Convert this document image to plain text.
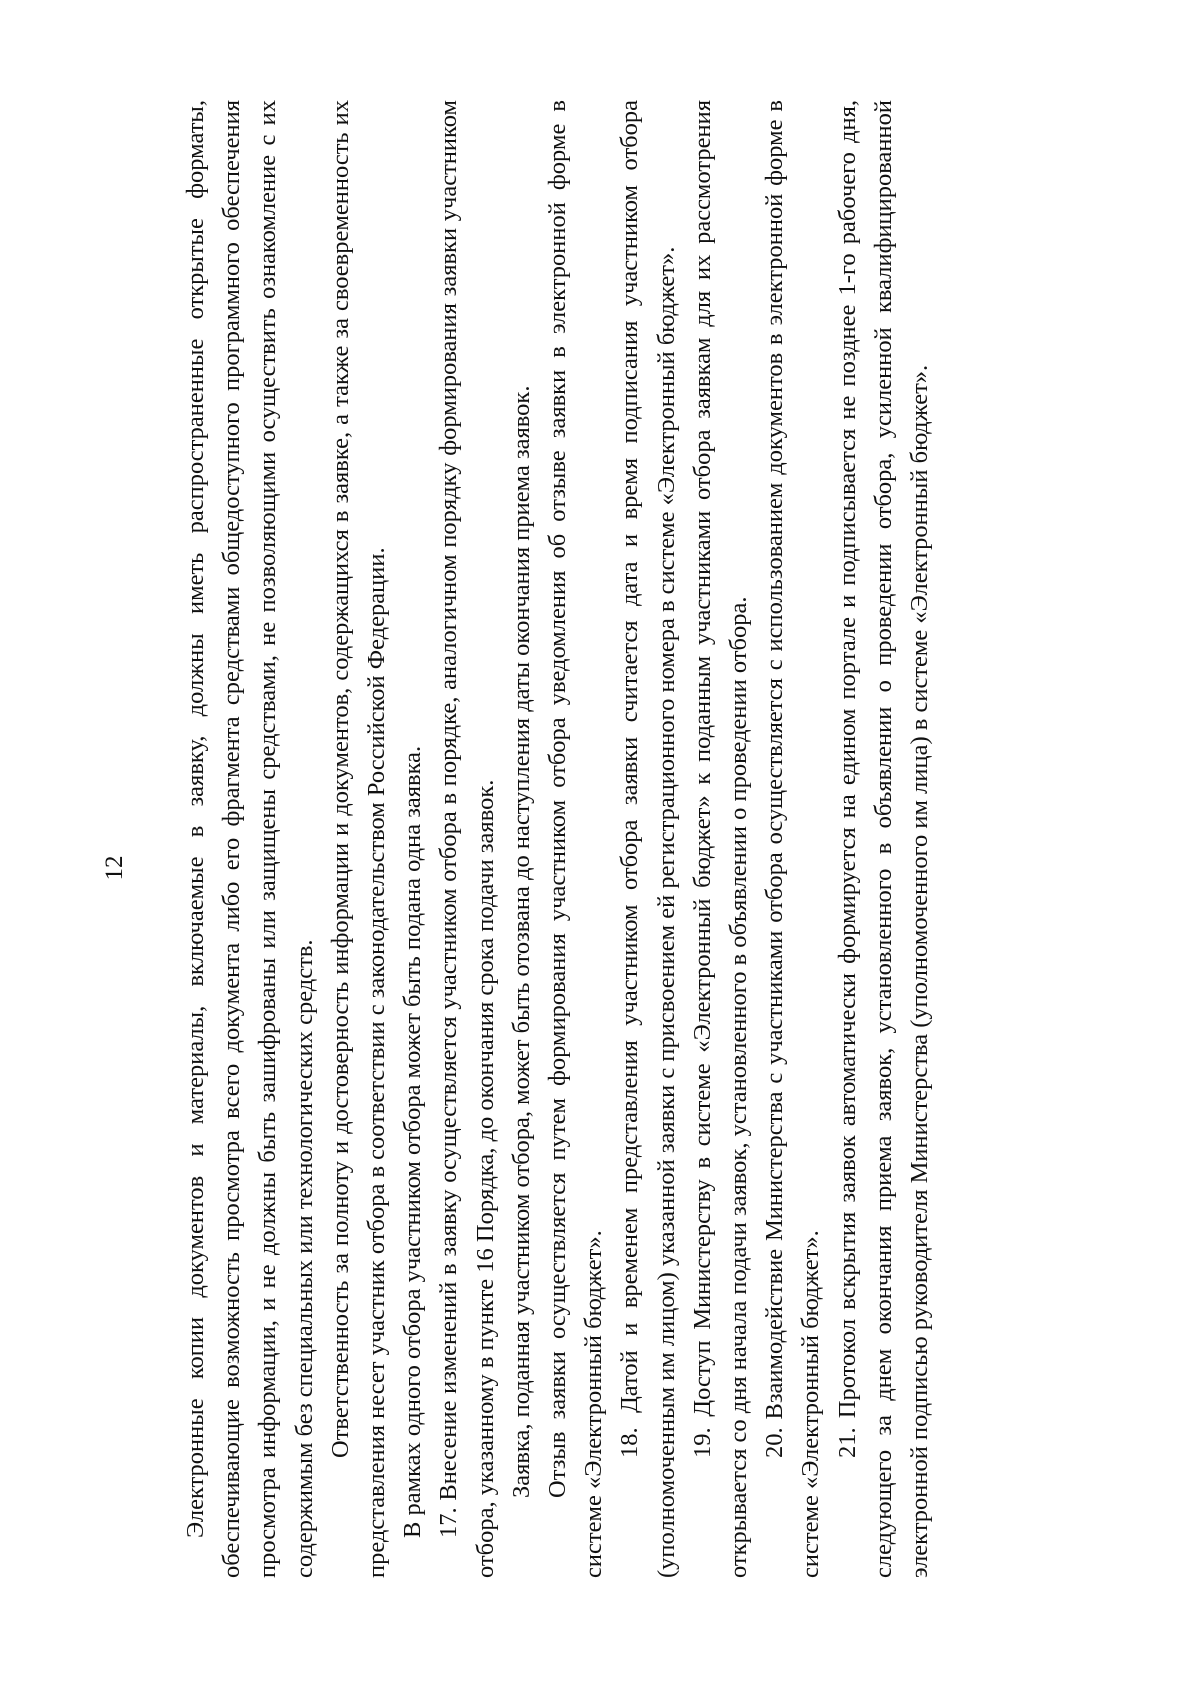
12 Электронные копии документов и материалы, включаемые в заявку, должны иметь распространенные открытые форматы, обеспечивающие возможность просмотра всего документа либо его фрагмента средствами общедоступного программного обеспечения просмотра информации, и не должны быть зашифрованы или защищены средствами, не позволяющими осуществить ознакомление с их содержимым без специальных или технологических средств. Ответственность за полноту и достоверность информации и документов, содержащихся в заявке, а также за своевременность их представления несет участник отбора в соответствии с законодательством Российской Федерации. В рамках одного отбора участником отбора может быть подана одна заявка. 17. Внесение изменений в заявку осуществляется участником отбора в порядке, аналогичном порядку формирования заявки участником отбора, указанному в пункте 16 Порядка, до окончания срока подачи заявок. Заявка, поданная участником отбора, может быть отозвана до наступления даты окончания приема заявок. Отзыв заявки осуществляется путем формирования участником отбора уведомления об отзыве заявки в электронной форме в системе «Электронный бюджет». 18. Датой и временем представления участником отбора заявки считается дата и время подписания участником отбора (уполномоченным им лицом) указанной заявки с присвоением ей регистрационного номера в системе «Электронный бюджет». 19. Доступ Министерству в системе «Электронный бюджет» к поданным участниками отбора заявкам для их рассмотрения открывается со дня начала подачи заявок, установленного в объявлении о проведении отбора. 20. Взаимодействие Министерства с участниками отбора осуществляется с использованием документов в электронной форме в системе «Электронный бюджет». 21. Протокол вскрытия заявок автоматически формируется на едином портале и подписывается не позднее 1-го рабочего дня, следующего за днем окончания приема заявок, установленного в объявлении о проведении отбора, усиленной квалифицированной электронной подписью руководителя Министерства (уполномоченного им лица) в системе «Электронный бюджет».
